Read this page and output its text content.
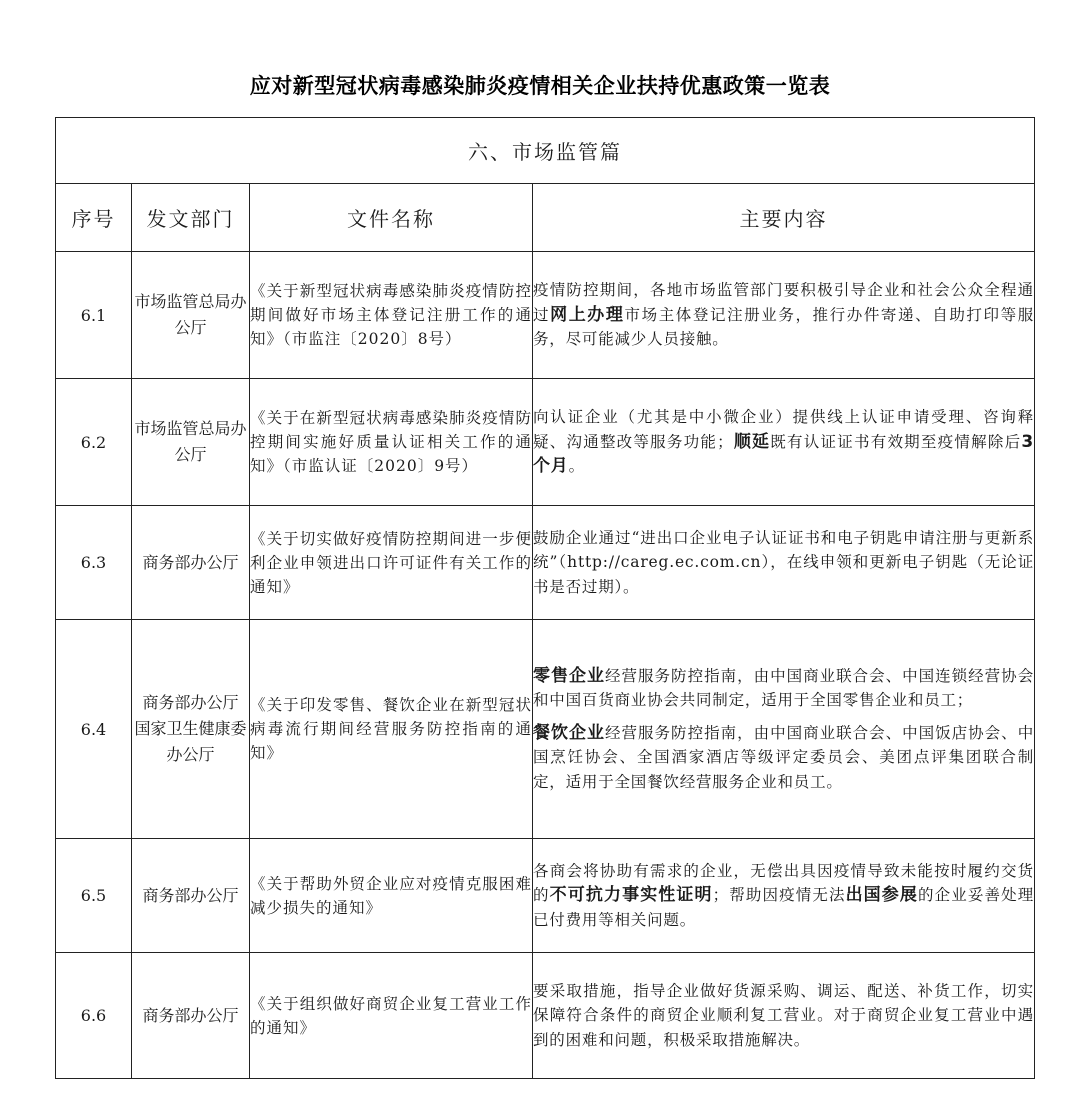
应对新型冠状病毒感染肺炎疫情相关企业扶持优惠政策一览表
六、市场监管篇			
序号	发文部门	文件名称	主要内容
6.1	市场监管总局办公厅	《关于新型冠状病毒感染肺炎疫情防控期间做好市场主体登记注册工作的通知》（市监注〔2020〕8号）	疫情防控期间，各地市场监管部门要积极引导企业和社会公众全程通过网上办理市场主体登记注册业务，推行办件寄递、自助打印等服务，尽可能减少人员接触。
6.2	市场监管总局办公厅	《关于在新型冠状病毒感染肺炎疫情防控期间实施好质量认证相关工作的通知》（市监认证〔2020〕9号）	向认证企业（尤其是中小微企业）提供线上认证申请受理、咨询释疑、沟通整改等服务功能；顺延既有认证证书有效期至疫情解除后3个月。
6.3	商务部办公厅	《关于切实做好疫情防控期间进一步便利企业申领进出口许可证件有关工作的通知》	鼓励企业通过“进出口企业电子认证证书和电子钥匙申请注册与更新系统”（http://careg.ec.com.cn），在线申领和更新电子钥匙（无论证书是否过期）。
6.4	商务部办公厅 国家卫生健康委办公厅	《关于印发零售、餐饮企业在新型冠状病毒流行期间经营服务防控指南的通知》	零售企业经营服务防控指南，由中国商业联合会、中国连锁经营协会和中国百货商业协会共同制定，适用于全国零售企业和员工；

餐饮企业经营服务防控指南，由中国商业联合会、中国饭店协会、中国烹饪协会、全国酒家酒店等级评定委员会、美团点评集团联合制定，适用于全国餐饮经营服务企业和员工。

6.5	商务部办公厅	《关于帮助外贸企业应对疫情克服困难减少损失的通知》	各商会将协助有需求的企业，无偿出具因疫情导致未能按时履约交货的不可抗力事实性证明；帮助因疫情无法出国参展的企业妥善处理已付费用等相关问题。
6.6	商务部办公厅	《关于组织做好商贸企业复工营业工作的通知》	要采取措施，指导企业做好货源采购、调运、配送、补货工作，切实保障符合条件的商贸企业顺利复工营业。对于商贸企业复工营业中遇到的困难和问题，积极采取措施解决。
